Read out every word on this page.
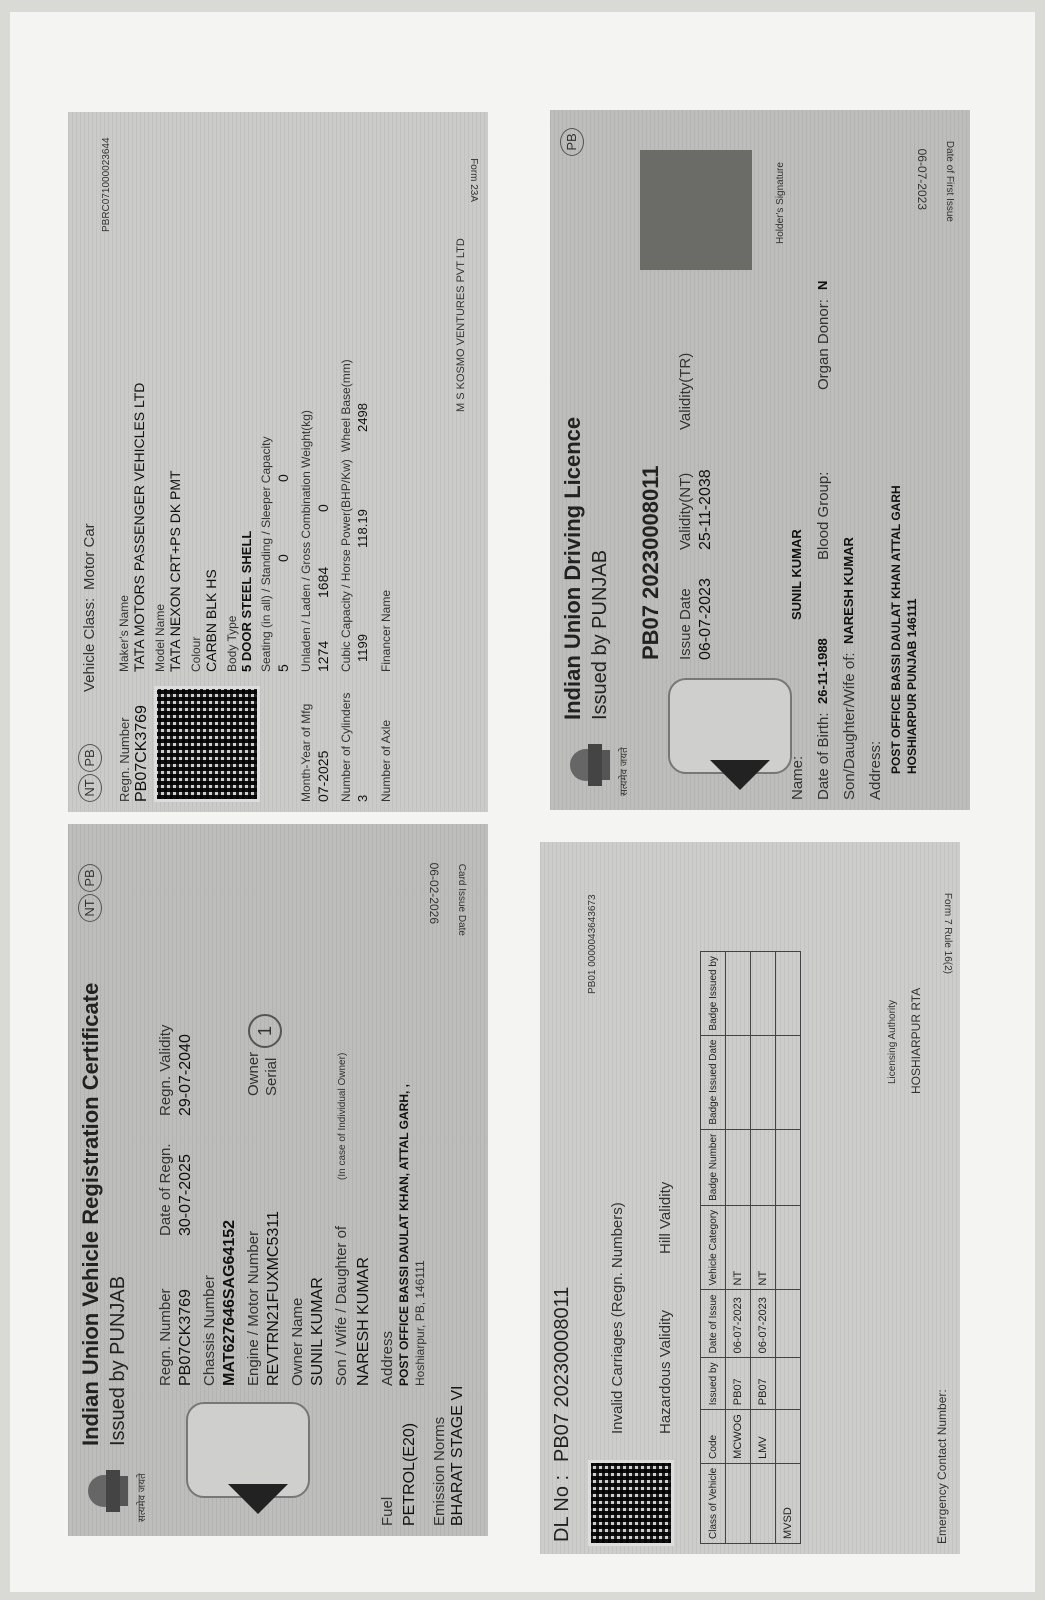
सत्यमेव जयते
Indian Union Vehicle Registration Certificate Issued by PUNJAB
NT
PB
Regn. Number PB07CK3769
Date of Regn. 30-07-2025
Regn. Validity 29-07-2040
Chassis Number MAT627646SAG64152 Engine / Motor Number REVTRN21FUXMC5311
Owner Serial
1
Owner Name SUNIL KUMAR Son / Wife / Daughter of
(In case of Individual Owner)
NARESH KUMAR Address POST OFFICE BASSI DAULAT KHAN, ATTAL GARH, , Hoshiarpur, PB, 146111
Fuel PETROL(E20) Emission Norms BHARAT STAGE VI
06-02-2026 Card Issue Date
सत्यमेव जयते
Indian Union Driving Licence Issued by PUNJAB
PB
PB07 20230008011 Issue Date 06-07-2023
Validity(NT) 25-11-2038
Validity(TR)
Holder's Signature
Name:
SUNIL KUMAR
Date of Birth:
26-11-1988
Blood Group:
Organ Donor:
N
Son/Daughter/Wife of:
NARESH KUMAR
Address: POST OFFICE BASSI DAULAT KHAN ATTAL GARH HOSHIARPUR PUNJAB 146111
06-07-2023 Date of First Issue
DL No :
PB07 20230008011 Invalid Carriages (Regn. Numbers) Hazardous Validity
Hill Validity
PB01 0000043643673	Form 7 Rule 16(2)
Class of Vehicle	Code	Issued by	Date of Issue	Vehicle Category	Badge Number	Badge Issued Date	Badge Issued by
	MCWOG	PB07	06-07-2023	NT			
	LMV	PB07	06-07-2023	NT			
MVSD							
Licensing Authority HOSHIARPUR RTA
Emergency Contact Number:
NT
PB
Vehicle Class:
Motor Car
PBRC071000023644
Regn. Number PB07CK3769
Maker's Name TATA MOTORS PASSENGER VEHICLES LTD Model Name TATA NEXON CRT+PS DK PMT Colour CARBN BLK HS Body Type 5 DOOR STEEL SHELL Seating (in all) / Standing / Sleeper Capacity 5
0
0
Month-Year of Mfg 07-2025
Unladen / Laden / Gross Combination Weight(kg) 1274
1684
0
Number of Cylinders 3
Cubic Capacity / Horse Power(BHP/Kw) 1199
118.19
Wheel Base(mm) 2498
Number of Axle
Financer Name
M S KOSMO VENTURES PVT LTD
Form 23A
